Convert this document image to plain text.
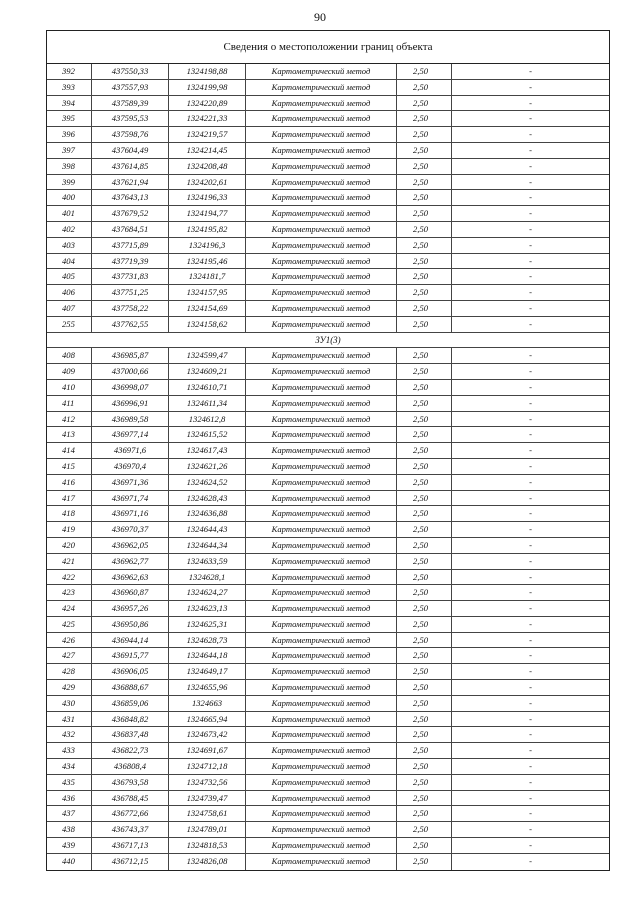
90
Сведения о местоположении границ объекта
392	437550,33	1324198,88	Картометрический метод	2,50	-
393	437557,93	1324199,98	Картометрический метод	2,50	-
394	437589,39	1324220,89	Картометрический метод	2,50	-
395	437595,53	1324221,33	Картометрический метод	2,50	-
396	437598,76	1324219,57	Картометрический метод	2,50	-
397	437604,49	1324214,45	Картометрический метод	2,50	-
398	437614,85	1324208,48	Картометрический метод	2,50	-
399	437621,94	1324202,61	Картометрический метод	2,50	-
400	437643,13	1324196,33	Картометрический метод	2,50	-
401	437679,52	1324194,77	Картометрический метод	2,50	-
402	437684,51	1324195,82	Картометрический метод	2,50	-
403	437715,89	1324196,3	Картометрический метод	2,50	-
404	437719,39	1324195,46	Картометрический метод	2,50	-
405	437731,83	1324181,7	Картометрический метод	2,50	-
406	437751,25	1324157,95	Картометрический метод	2,50	-
407	437758,22	1324154,69	Картометрический метод	2,50	-
255	437762,55	1324158,62	Картометрический метод	2,50	-
ЗУ1(3)
408	436985,87	1324599,47	Картометрический метод	2,50	-
409	437000,66	1324609,21	Картометрический метод	2,50	-
410	436998,07	1324610,71	Картометрический метод	2,50	-
411	436996,91	1324611,34	Картометрический метод	2,50	-
412	436989,58	1324612,8	Картометрический метод	2,50	-
413	436977,14	1324615,52	Картометрический метод	2,50	-
414	436971,6	1324617,43	Картометрический метод	2,50	-
415	436970,4	1324621,26	Картометрический метод	2,50	-
416	436971,36	1324624,52	Картометрический метод	2,50	-
417	436971,74	1324628,43	Картометрический метод	2,50	-
418	436971,16	1324636,88	Картометрический метод	2,50	-
419	436970,37	1324644,43	Картометрический метод	2,50	-
420	436962,05	1324644,34	Картометрический метод	2,50	-
421	436962,77	1324633,59	Картометрический метод	2,50	-
422	436962,63	1324628,1	Картометрический метод	2,50	-
423	436960,87	1324624,27	Картометрический метод	2,50	-
424	436957,26	1324623,13	Картометрический метод	2,50	-
425	436950,86	1324625,31	Картометрический метод	2,50	-
426	436944,14	1324628,73	Картометрический метод	2,50	-
427	436915,77	1324644,18	Картометрический метод	2,50	-
428	436906,05	1324649,17	Картометрический метод	2,50	-
429	436888,67	1324655,96	Картометрический метод	2,50	-
430	436859,06	1324663	Картометрический метод	2,50	-
431	436848,82	1324665,94	Картометрический метод	2,50	-
432	436837,48	1324673,42	Картометрический метод	2,50	-
433	436822,73	1324691,67	Картометрический метод	2,50	-
434	436808,4	1324712,18	Картометрический метод	2,50	-
435	436793,58	1324732,56	Картометрический метод	2,50	-
436	436788,45	1324739,47	Картометрический метод	2,50	-
437	436772,66	1324758,61	Картометрический метод	2,50	-
438	436743,37	1324789,01	Картометрический метод	2,50	-
439	436717,13	1324818,53	Картометрический метод	2,50	-
440	436712,15	1324826,08	Картометрический метод	2,50	-
